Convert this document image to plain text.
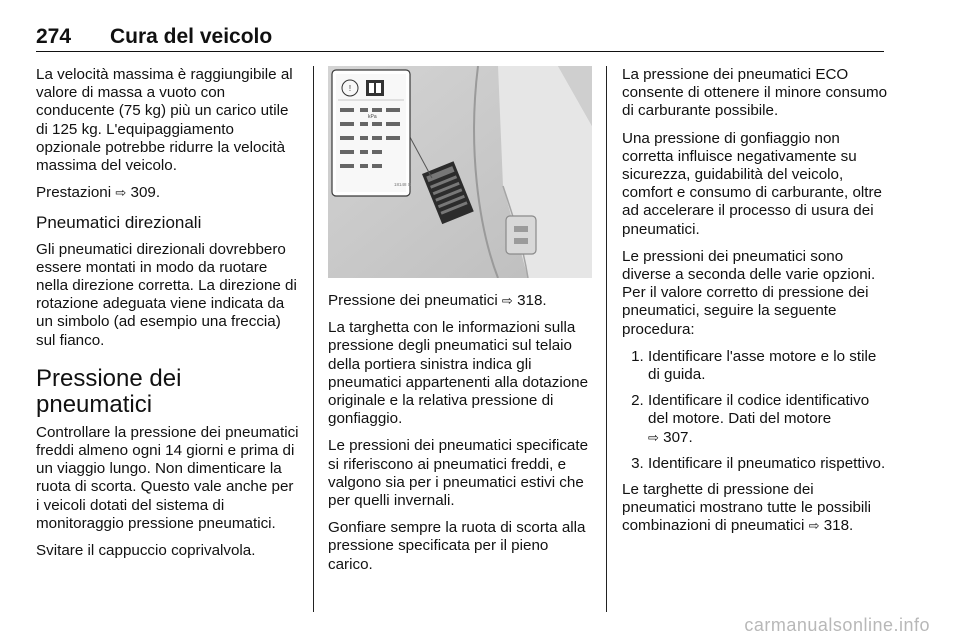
274 Cura del veicolo

La velocità massima è raggiungibile al valore di massa a vuoto con conducente (75 kg) più un carico utile di 125 kg. L'equipaggiamento opzionale potrebbe ridurre la velocità massima del veicolo.

Prestazioni ⇨ 309.

Pneumatici direzionali

Gli pneumatici direzionali dovrebbero essere montati in modo da ruotare nella direzione corretta. La direzione di rotazione adeguata viene indicata da un simbolo (ad esempio una freccia) sul fianco.

Pressione dei pneumatici

Controllare la pressione dei pneumatici freddi almeno ogni 14 giorni e prima di un viaggio lungo. Non dimenticare la ruota di scorta. Questo vale anche per i veicoli dotati del sistema di monitoraggio pressione pneumatici.

Svitare il cappuccio coprivalvola.

!
kPa
18148 S

Pressione dei pneumatici ⇨ 318.

La targhetta con le informazioni sulla pressione degli pneumatici sul telaio della portiera sinistra indica gli pneumatici appartenenti alla dotazione originale e la relativa pressione di gonfiaggio.

Le pressioni dei pneumatici specificate si riferiscono ai pneumatici freddi, e valgono sia per i pneumatici estivi che per quelli invernali.

Gonfiare sempre la ruota di scorta alla pressione specificata per il pieno carico.

La pressione dei pneumatici ECO consente di ottenere il minore consumo di carburante possibile.

Una pressione di gonfiaggio non corretta influisce negativamente su sicurezza, guidabilità del veicolo, comfort e consumo di carburante, oltre ad accelerare il processo di usura dei pneumatici.

Le pressioni dei pneumatici sono diverse a seconda delle varie opzioni. Per il valore corretto di pressione dei pneumatici, seguire la seguente procedura:

1. Identificare l'asse motore e lo stile di guida.
2. Identificare il codice identificativo del motore. Dati del motore
⇨ 307.
3. Identificare il pneumatico rispettivo.

Le targhette di pressione dei pneumatici mostrano tutte le possibili combinazioni di pneumatici ⇨ 318.

carmanualsonline.info
